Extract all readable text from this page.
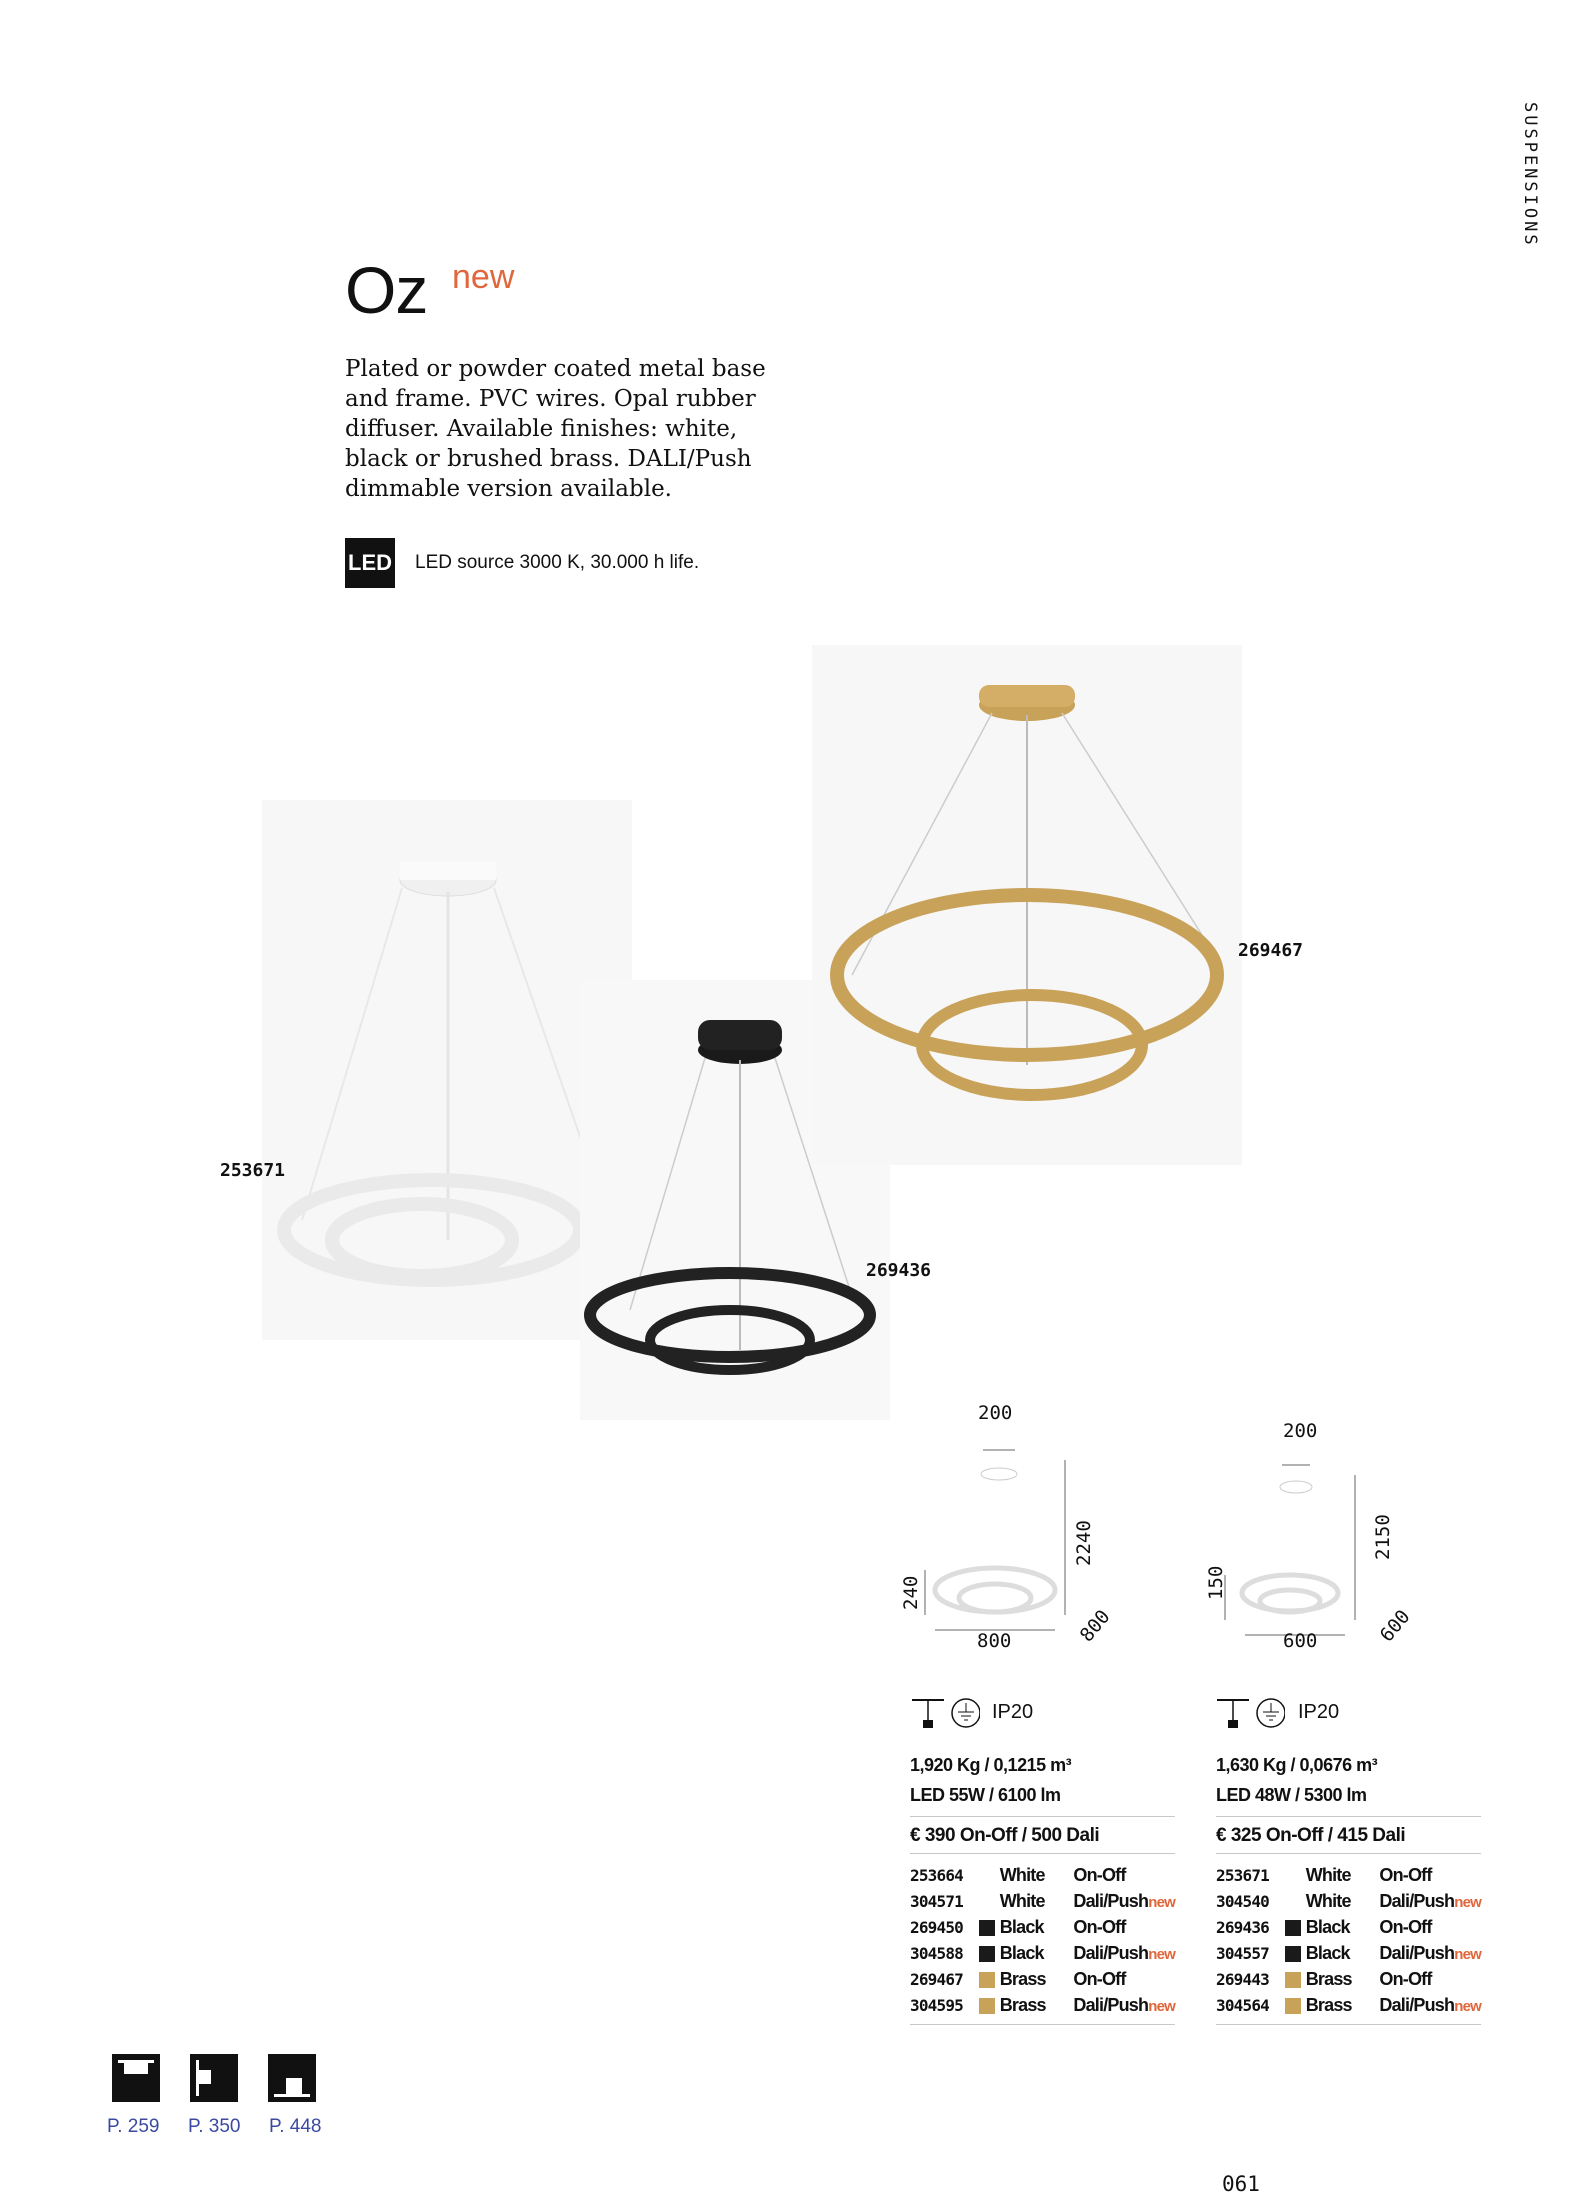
SUSPENSIONS
Oz new
Plated or powder coated metal base and frame. PVC wires. Opal rubber diffuser. Available finishes: white, black or brushed brass. DALI/Push dimmable version available.
LED LED source 3000 K, 30.000 h life.
253671
269436
269467
200
2240
240
800	800
200
2150
150
600	600
IP20	IP20
1,920 Kg / 0,1215 m³
LED 55W / 6100 lm
€ 390 On-Off / 500 Dali
253664		White	On-Off
304571		White	Dali/Pushnew
269450		Black	On-Off
304588		Black	Dali/Pushnew
269467		Brass	On-Off
304595		Brass	Dali/Pushnew
1,630 Kg / 0,0676 m³
LED 48W / 5300 lm
€ 325 On-Off / 415 Dali
253671		White	On-Off
304540		White	Dali/Pushnew
269436		Black	On-Off
304557		Black	Dali/Pushnew
269443		Brass	On-Off
304564		Brass	Dali/Pushnew
P. 259 P. 350 P. 448
061
